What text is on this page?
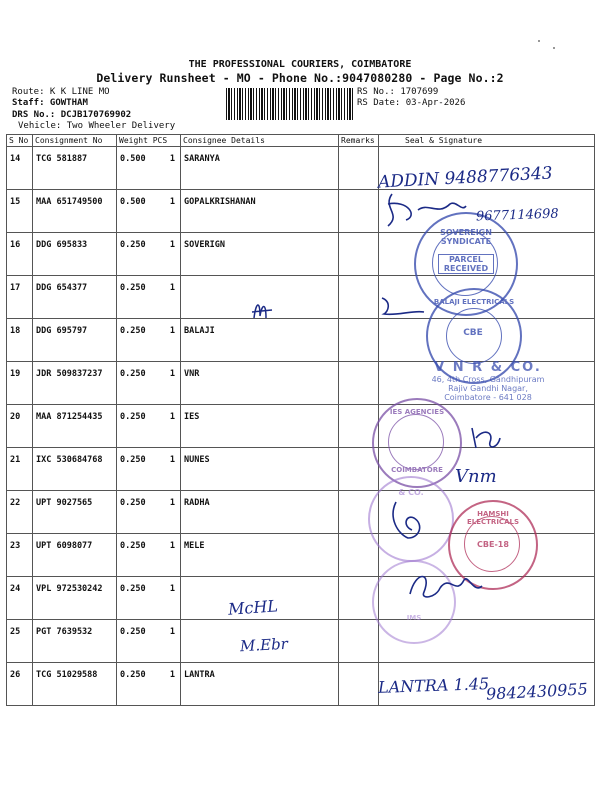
THE PROFESSIONAL COURIERS, COIMBATORE
Delivery Runsheet - MO - Phone No.:9047080280 - Page No.:2
Route: K K LINE MO
Staff: GOWTHAM
DRS No.: DCJB170769902
Vehicle: Two Wheeler Delivery
RS No.: 1707699
RS Date: 03-Apr-2026
S No	Consignment No	Weight PCS	Consignee Details	Remarks	Seal & Signature
14	TCG 581887	0.500 1	SARANYA		
15	MAA 651749500	0.500 1	GOPALKRISHANAN		
16	DDG 695833	0.250 1	SOVERIGN		
17	DDG 654377	0.250 1			

18	DDG 695797	0.250 1	BALAJI		
19	JDR 509837237	0.250 1	VNR		
20	MAA 871254435	0.250 1	IES		
21	IXC 530684768	0.250 1	NUNES		
22	UPT 9027565	0.250 1	RADHA		
23	UPT 6098077	0.250 1	MELE		
24	VPL 972530242	0.250 1			

25	PGT 7639532	0.250 1			

26	TCG 51029588	0.250 1	LANTRA		
SOVEREIGN SYNDICATE
PARCEL RECEIVED
BALAJI ELECTRICALS
CBE
V N R & CO.
46, 4th Cross, Gandhipuram
Rajiv Gandhi Nagar,
Coimbatore - 641 028
IES AGENCIES
COIMBATORE
& CO.
HAMSHI ELECTRICALS
CBE-18
IMS
ADDIN 9488776343
9677114698
Vnm
McHL
M.Ebr
LANTRA 1.45
9842430955
